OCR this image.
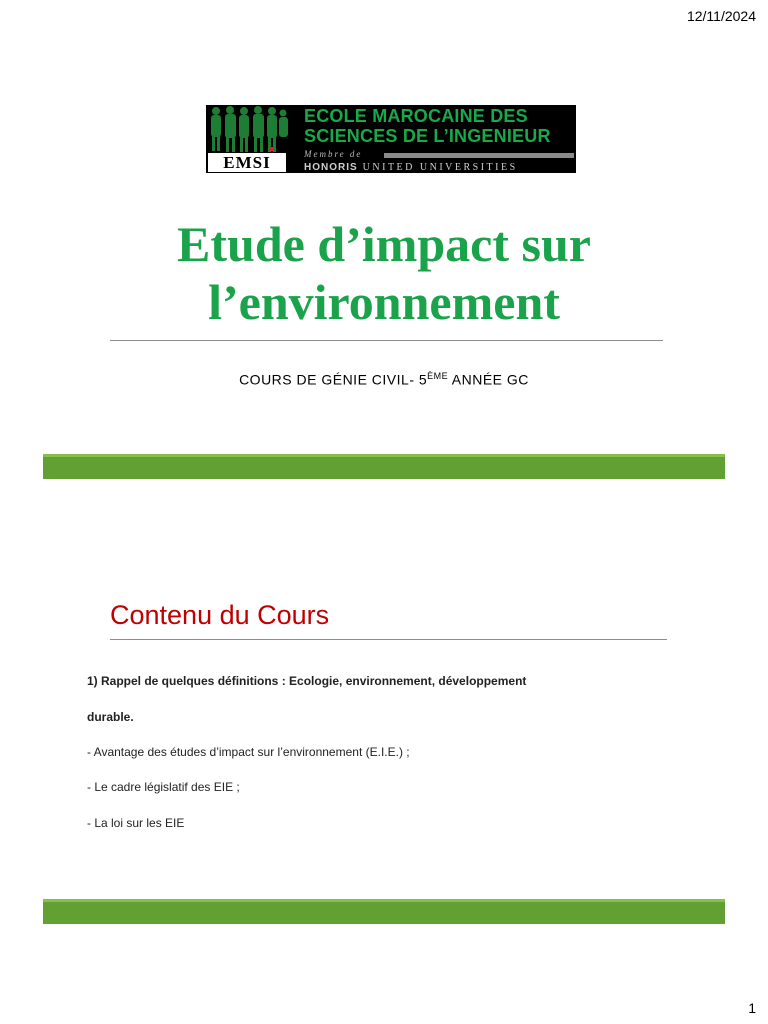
12/11/2024
EMSI
ECOLE MAROCAINE DES
SCIENCES DE L’INGENIEUR
Membre de
HONORIS UNITED UNIVERSITIES
Etude d’impact sur
l’environnement
COURS DE GÉNIE CIVIL- 5ÈME ANNÉE GC
Contenu du Cours

1) Rappel de quelques définitions : Ecologie, environnement, développement

durable.

- Avantage des études d’impact sur l’environnement (E.I.E.) ;

- Le cadre législatif des EIE ;

- La loi sur les EIE

1
